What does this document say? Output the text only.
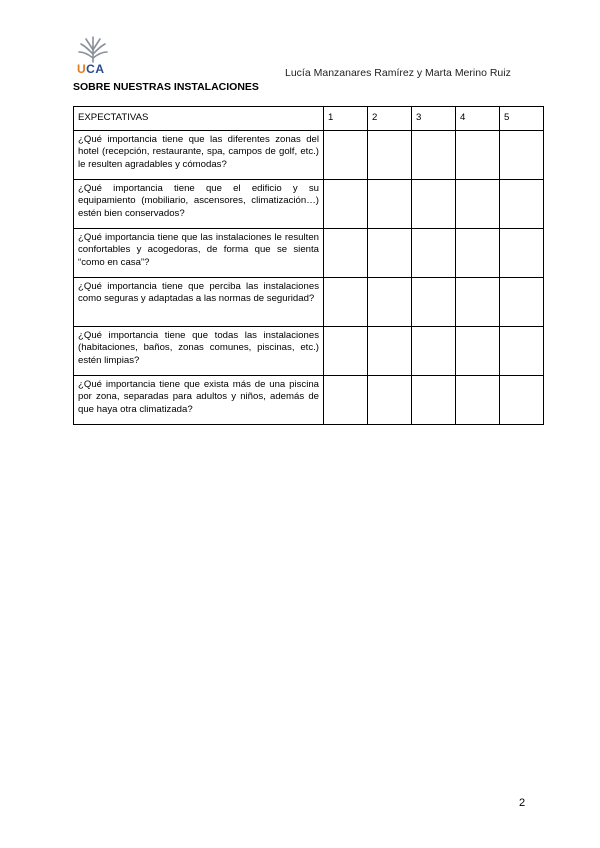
UCA	Lucía Manzanares Ramírez y Marta Merino Ruiz
SOBRE NUESTRAS INSTALACIONES
EXPECTATIVAS	1	2	3	4	5
¿Qué importancia tiene que las diferentes zonas del hotel (recepción, restaurante, spa, campos de golf, etc.) le resulten agradables y cómodas?					
¿Qué importancia tiene que el edificio y su equipamiento (mobiliario, ascensores, climatización…) estén bien conservados?					
¿Qué importancia tiene que las instalaciones le resulten confortables y acogedoras, de forma que se sienta “como en casa”?					
¿Qué importancia tiene que perciba las instalaciones como seguras y adaptadas a las normas de seguridad?					
¿Qué importancia tiene que todas las instalaciones (habitaciones, baños, zonas comunes, piscinas, etc.) estén limpias?					
¿Qué importancia tiene que exista más de una piscina por zona, separadas para adultos y niños, además de que haya otra climatizada?					
2
